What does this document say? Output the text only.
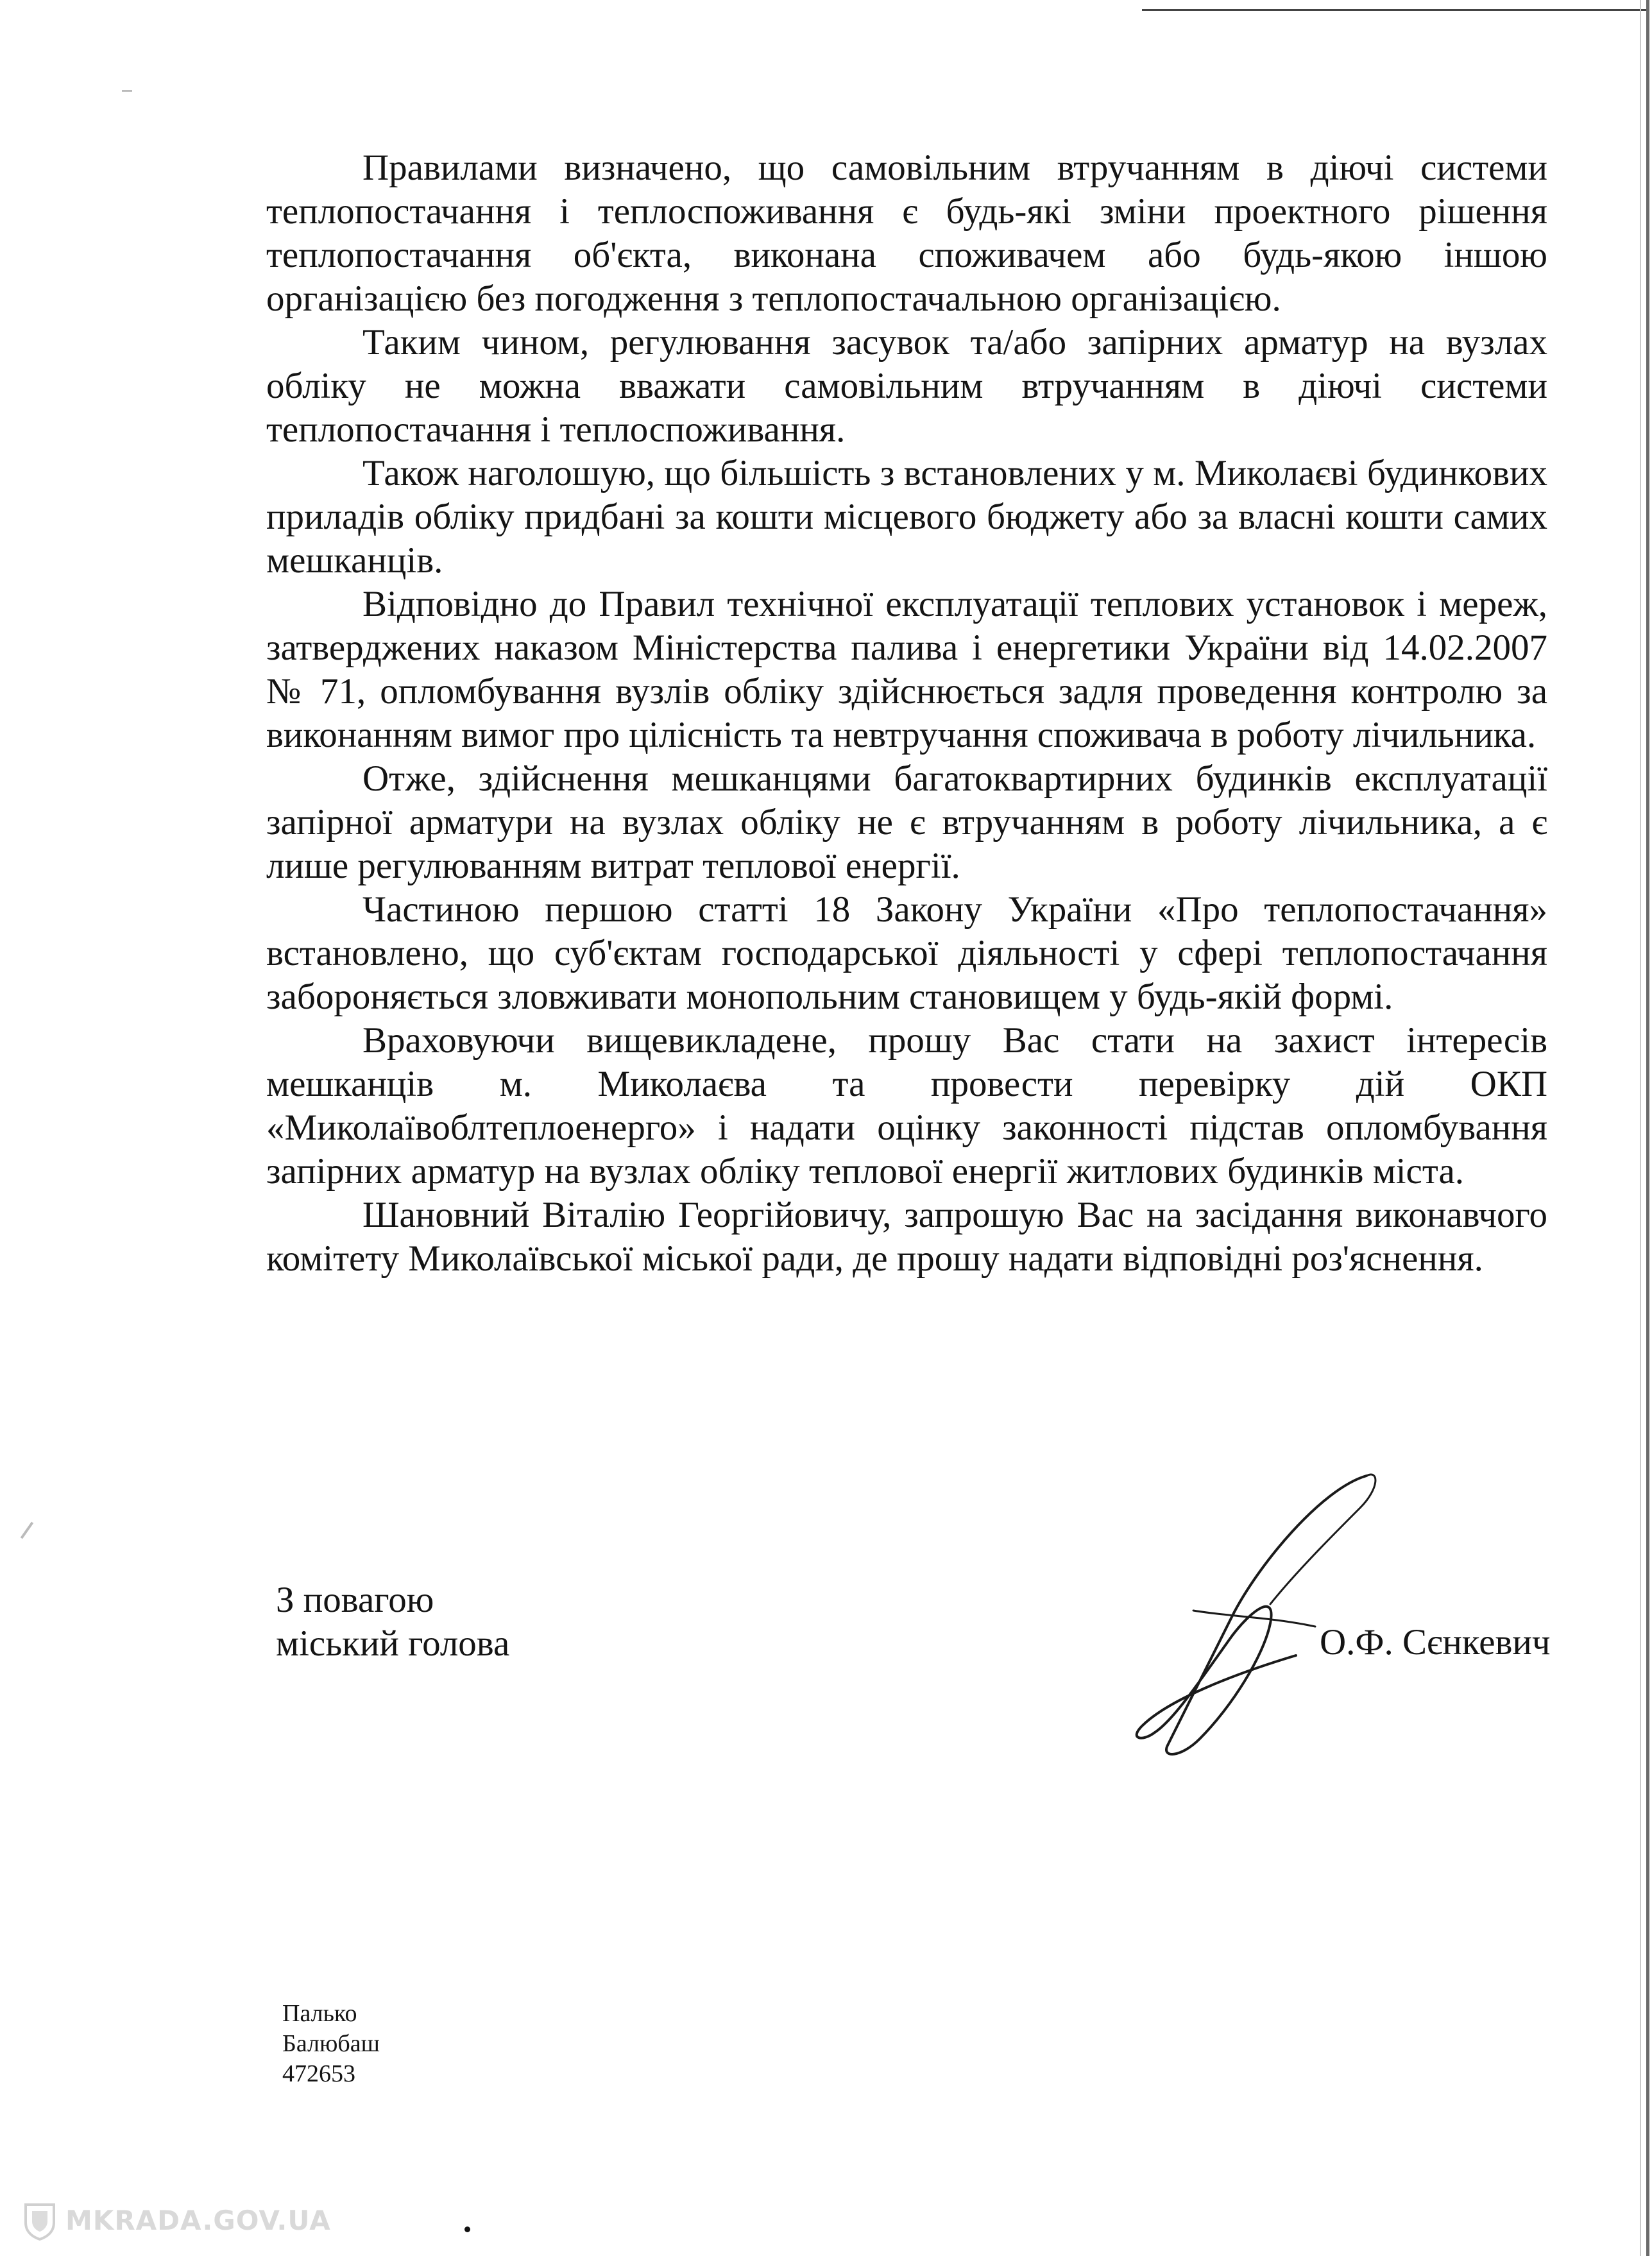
Правилами визначено, що самовільним втручанням в діючі системи теплопостачання і теплоспоживання є будь-які зміни проектного рішення теплопостачання об'єкта, виконана споживачем або будь-якою іншою організацією без погодження з теплопостачальною організацією.

Таким чином, регулювання засувок та/або запірних арматур на вузлах обліку не можна вважати самовільним втручанням в діючі системи теплопостачання і теплоспоживання.

Також наголошую, що більшість з встановлених у м. Миколаєві будинкових приладів обліку придбані за кошти місцевого бюджету або за власні кошти самих мешканців.

Відповідно до Правил технічної експлуатації теплових установок і мереж, затверджених наказом Міністерства палива і енергетики України від 14.02.2007 № 71, опломбування вузлів обліку здійснюється задля проведення контролю за виконанням вимог про цілісність та невтручання споживача в роботу лічильника.

Отже, здійснення мешканцями багатоквартирних будинків експлуатації запірної арматури на вузлах обліку не є втручанням в роботу лічильника, а є лише регулюванням витрат теплової енергії.

Частиною першою статті 18 Закону України «Про теплопостачання» встановлено, що суб'єктам господарської діяльності у сфері теплопостачання забороняється зловживати монопольним становищем у будь-якій формі.

Враховуючи вищевикладене, прошу Вас стати на захист інтересів мешканців м. Миколаєва та провести перевірку дій ОКП «Миколаївоблтеплоенерго» і надати оцінку законності підстав опломбування запірних арматур на вузлах обліку теплової енергії житлових будинків міста.

Шановний Віталію Георгійовичу, запрошую Вас на засідання виконавчого комітету Миколаївської міської ради, де прошу надати відповідні роз'яснення.

З повагою
міський голова	О.Ф. Сєнкевич
Палько
Балюбаш
472653
MKRADA.GOV.UA
